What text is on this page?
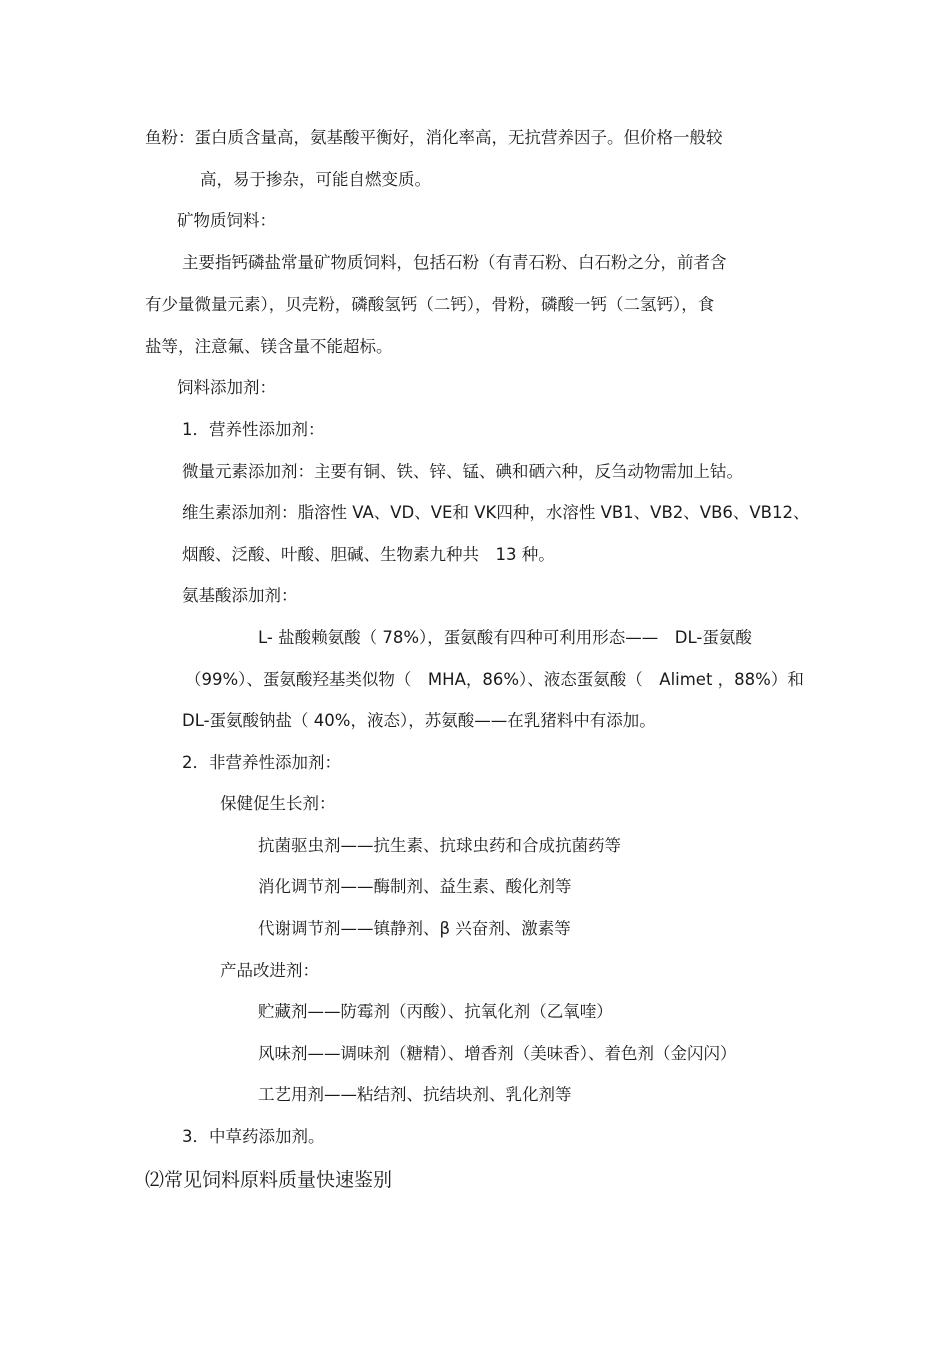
鱼粉：蛋白质含量高，氨基酸平衡好，消化率高，无抗营养因子。但价格一般较
高，易于掺杂，可能自燃变质。
矿物质饲料：
主要指钙磷盐常量矿物质饲料，包括石粉（有青石粉、白石粉之分，前者含
有少量微量元素），贝壳粉，磷酸氢钙（二钙），骨粉，磷酸一钙（二氢钙），食
盐等，注意氟、镁含量不能超标。
饲料添加剂：
1．营养性添加剂：
微量元素添加剂：主要有铜、铁、锌、锰、碘和硒六种，反刍动物需加上钴。
维生素添加剂：脂溶性 VA、VD、VE和 VK四种，水溶性 VB1、VB2、VB6、VB12、
烟酸、泛酸、叶酸、胆碱、生物素九种共　13 种。
氨基酸添加剂：
L- 盐酸赖氨酸（ 78%），蛋氨酸有四种可利用形态——　DL-蛋氨酸
（99%）、蛋氨酸羟基类似物（　MHA，86%）、液态蛋氨酸（　Alimet ，88%）和
DL-蛋氨酸钠盐（ 40%，液态），苏氨酸——在乳猪料中有添加。
2．非营养性添加剂：
保健促生长剂：
抗菌驱虫剂——抗生素、抗球虫药和合成抗菌药等
消化调节剂——酶制剂、益生素、酸化剂等
代谢调节剂——镇静剂、β 兴奋剂、激素等
产品改进剂：
贮藏剂——防霉剂（丙酸）、抗氧化剂（乙氧喹）
风味剂——调味剂（糖精）、增香剂（美味香）、着色剂（金闪闪）
工艺用剂——粘结剂、抗结块剂、乳化剂等
3．中草药添加剂。
⑵常见饲料原料质量快速鉴别
